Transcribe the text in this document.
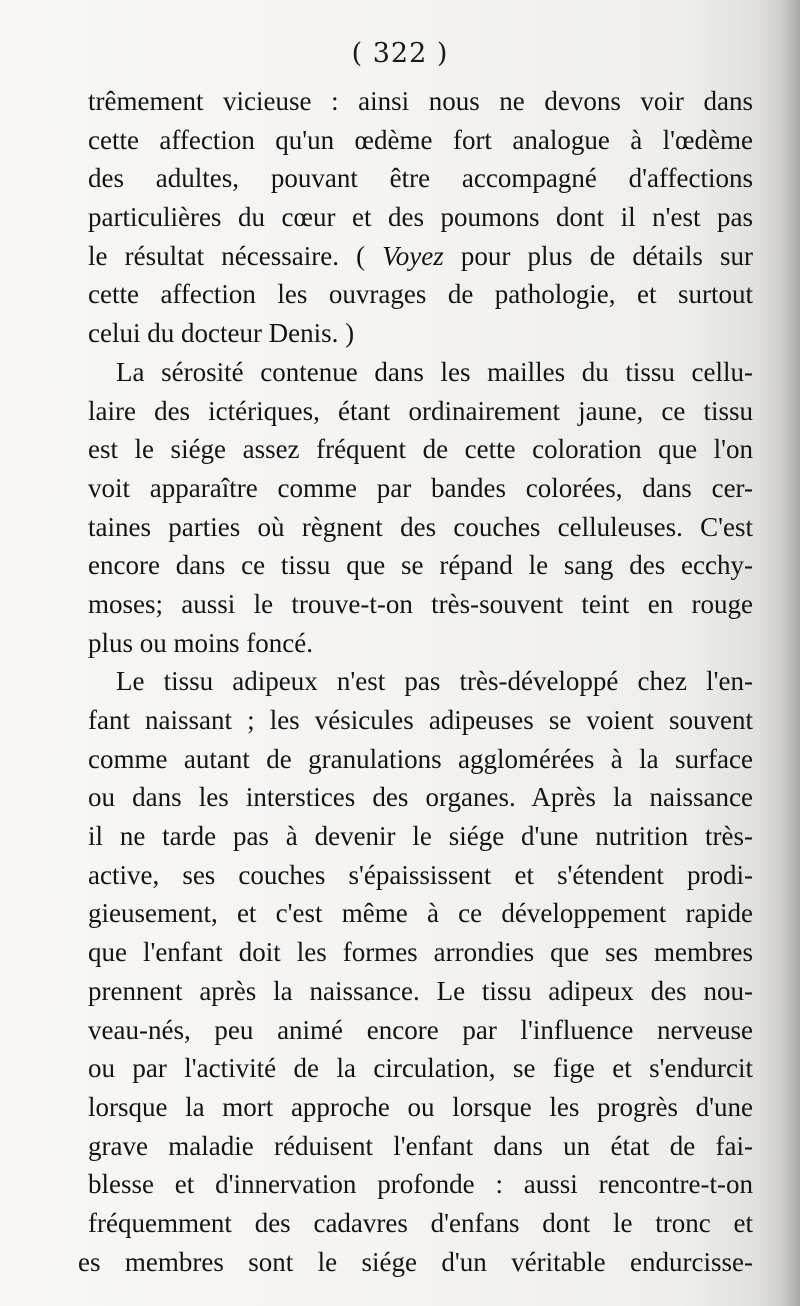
( 322 )
trêmement vicieuse : ainsi nous ne devons voir dans
cette affection qu'un œdème fort analogue à l'œdème
des adultes, pouvant être accompagné d'affections
particulières du cœur et des poumons dont il n'est pas
le résultat nécessaire. ( Voyez pour plus de détails sur
cette affection les ouvrages de pathologie, et surtout
celui du docteur Denis. )
La sérosité contenue dans les mailles du tissu cellu-
laire des ictériques, étant ordinairement jaune, ce tissu
est le siége assez fréquent de cette coloration que l'on
voit apparaître comme par bandes colorées, dans cer-
taines parties où règnent des couches celluleuses. C'est
encore dans ce tissu que se répand le sang des ecchy-
moses; aussi le trouve-t-on très-souvent teint en rouge
plus ou moins foncé.
Le tissu adipeux n'est pas très-développé chez l'en-
fant naissant ; les vésicules adipeuses se voient souvent
comme autant de granulations agglomérées à la surface
ou dans les interstices des organes. Après la naissance
il ne tarde pas à devenir le siége d'une nutrition très-
active, ses couches s'épaississent et s'étendent prodi-
gieusement, et c'est même à ce développement rapide
que l'enfant doit les formes arrondies que ses membres
prennent après la naissance. Le tissu adipeux des nou-
veau-nés, peu animé encore par l'influence nerveuse
ou par l'activité de la circulation, se fige et s'endurcit
lorsque la mort approche ou lorsque les progrès d'une
grave maladie réduisent l'enfant dans un état de fai-
blesse et d'innervation profonde : aussi rencontre-t-on
fréquemment des cadavres d'enfans dont le tronc et
es membres sont le siége d'un véritable endurcisse-
